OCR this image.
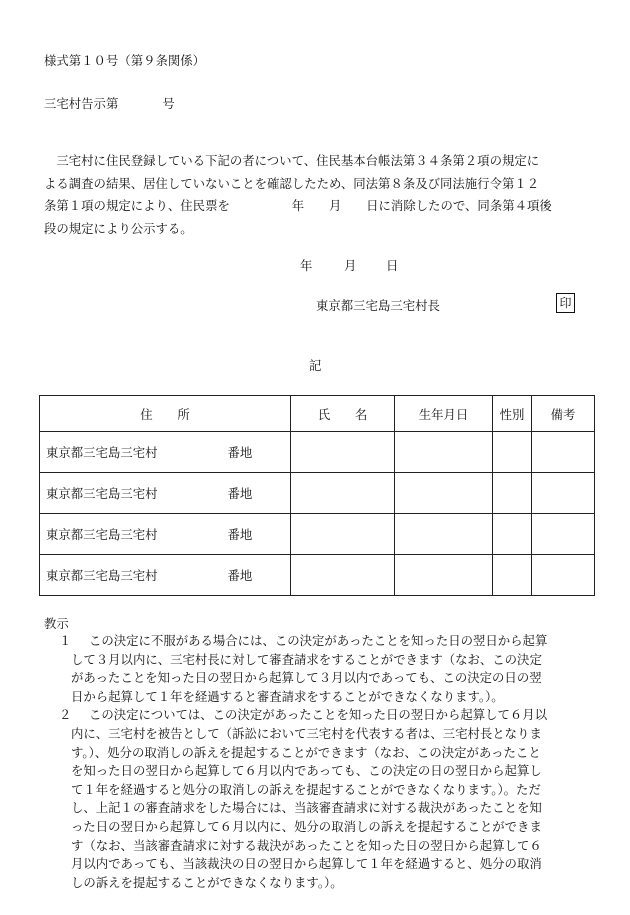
様式第１０号（第９条関係）
三宅村告示第	号
　三宅村に住民登録している下記の者について、住民基本台帳法第３４条第２項の規定に
よる調査の結果、居住していないことを確認したため、同法第８条及び同法施行令第１２
条第１項の規定により、住民票を　　　　　年　　月　　日に消除したので、同条第４項後
段の規定により公示する。
年	月 日
東京都三宅島三宅村長	印
記
住　　所	氏　　名	生年月日	性別	備考
東京都三宅島三宅村 番地				
東京都三宅島三宅村 番地				
東京都三宅島三宅村 番地				
東京都三宅島三宅村 番地				
教示
１	この決定に不服がある場合には、この決定があったことを知った日の翌日から起算
して３月以内に、三宅村長に対して審査請求をすることができます（なお、この決定
があったことを知った日の翌日から起算して３月以内であっても、この決定の日の翌
日から起算して１年を経過すると審査請求をすることができなくなります。）。
２	この決定については、この決定があったことを知った日の翌日から起算して６月以
内に、三宅村を被告として（訴訟において三宅村を代表する者は、三宅村長となりま
す。）、処分の取消しの訴えを提起することができます（なお、この決定があったこと
を知った日の翌日から起算して６月以内であっても、この決定の日の翌日から起算し
て１年を経過すると処分の取消しの訴えを提起することができなくなります。）。ただ
し、上記１の審査請求をした場合には、当該審査請求に対する裁決があったことを知
った日の翌日から起算して６月以内に、処分の取消しの訴えを提起することができま
す（なお、当該審査請求に対する裁決があったことを知った日の翌日から起算して６
月以内であっても、当該裁決の日の翌日から起算して１年を経過すると、処分の取消
しの訴えを提起することができなくなります。）。
